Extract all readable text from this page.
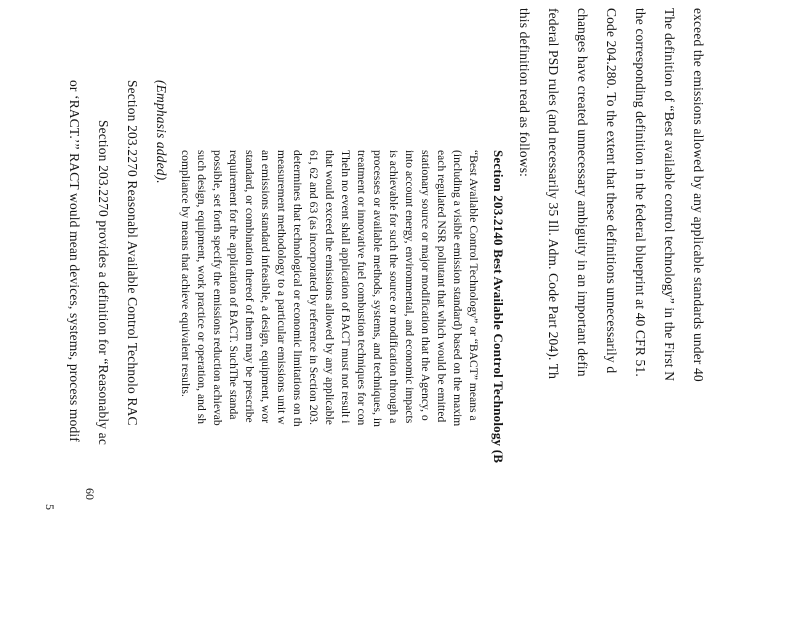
exceed the emissions allowed by any applicable standards under 40
The definition of “Best available control technology” in the First N
the corresponding definition in the federal blueprint at 40 CFR 51.
Code 204.280. To the extent that these definitions unnecessarily d
changes have created unnecessary ambiguity in an important defin
federal PSD rules (and necessarily 35 Ill. Adm. Code Part 204). Th
this definition read as follows:
Section 203.2140 Best Available Control Technology (B
“Best Available Control Technology” or “BACT” means a
(including a visible emission standard) based on the maxim
each regulated NSR pollutant that which would be emitted
stationary source or major modification that the Agency, o
into account energy, environmental, and economic impacts
is achievable for such the source or modification through a
processes or available methods, systems, and techniques, in
treatment or innovative fuel combustion techniques for con
Theln no event shall application of BACT must not result i
that would exceed the emissions allowed by any applicable
61, 62 and 63 (as incorporated by reference in Section 203.
determines that technological or economic limitations on th
measurement methodology to a particular emissions unit w
an emissions standard infeasible, a design, equipment, wor
standard, or combination thereof of them may be prescribe
requirement for the application of BACT. SuchThe standa
possible, set forth specify the emissions reduction achievab
such design, equipment, work practice or operation, and sh
compliance by means that achieve equivalent results.
(Emphasis added).
Section 203.2270 Reasonabl Available Control Technolo RAC
Section 203.2270 provides a definition for “Reasonably ac
or ‘RACT.’” RACT would mean devices, systems, process modif
60
5
